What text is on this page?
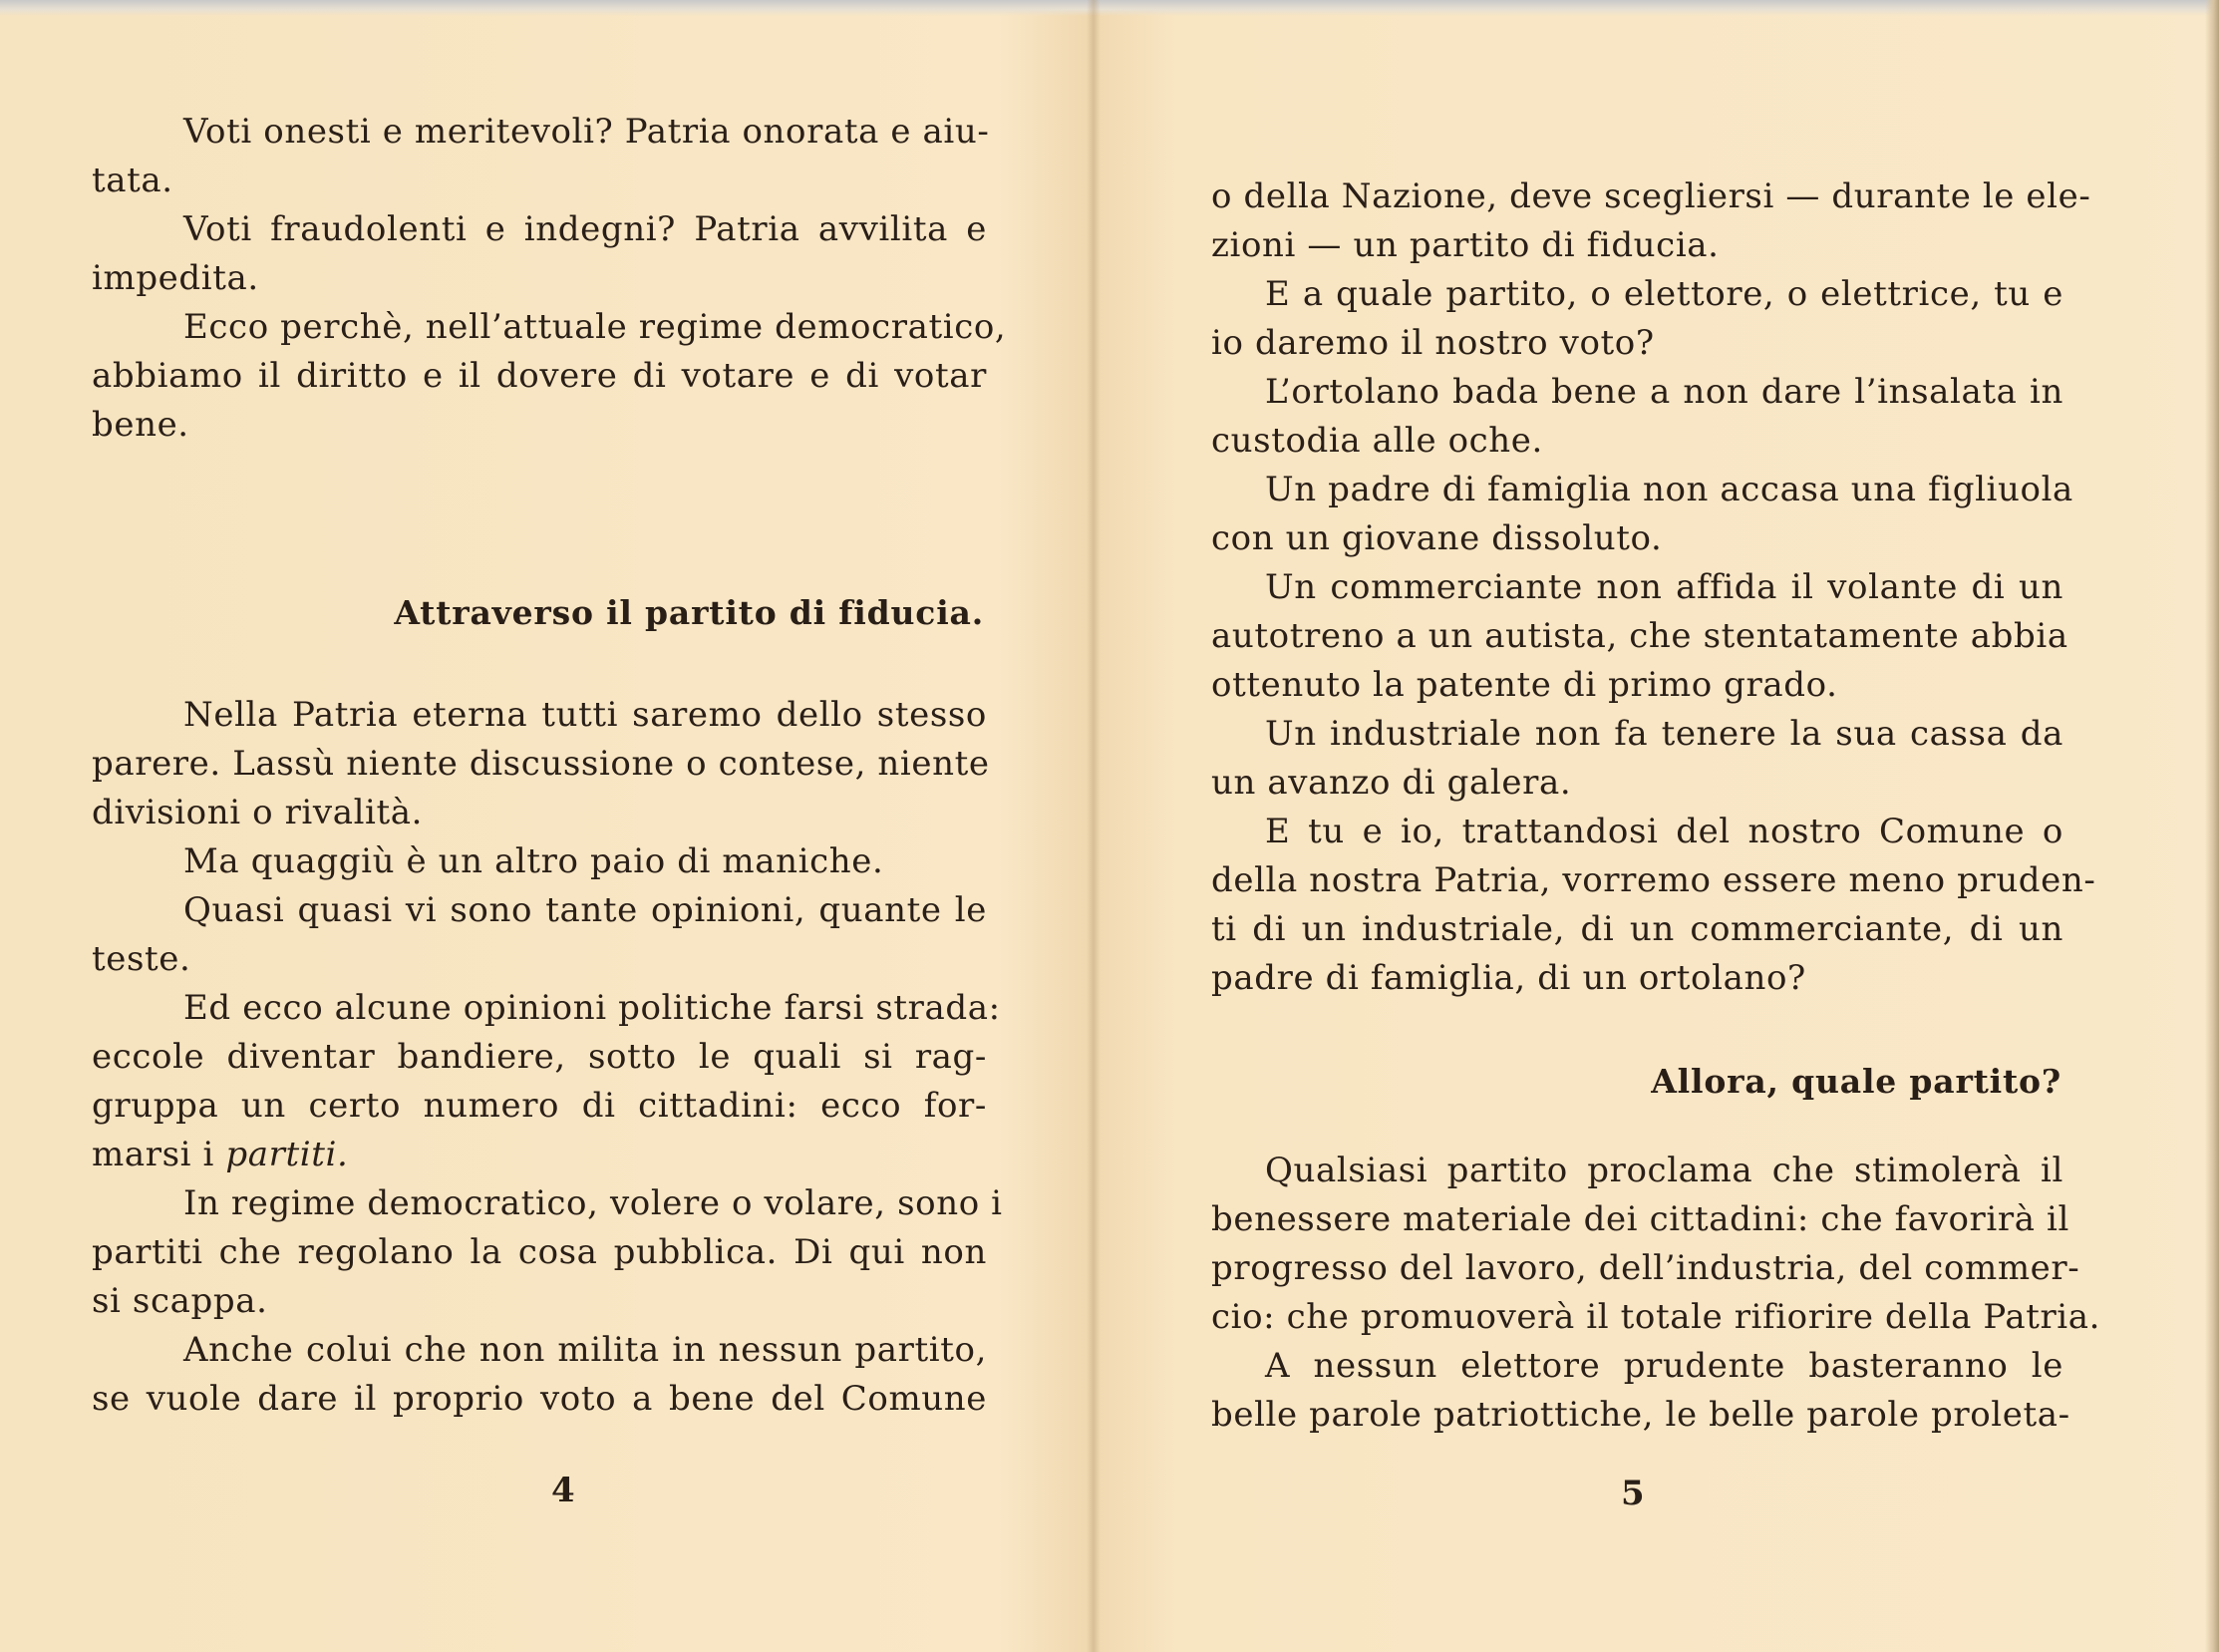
Voti onesti e meritevoli? Patria onorata e aiu-
tata.
Voti fraudolenti e indegni? Patria avvilita e
impedita.
Ecco perchè, nell’attuale regime democratico,
abbiamo il diritto e il dovere di votare e di votar
bene.
Attraverso il partito di fiducia.
Nella Patria eterna tutti saremo dello stesso
parere. Lassù niente discussione o contese, niente
divisioni o rivalità.
Ma quaggiù è un altro paio di maniche.
Quasi quasi vi sono tante opinioni, quante le
teste.
Ed ecco alcune opinioni politiche farsi strada:
eccole diventar bandiere, sotto le quali si rag-
gruppa un certo numero di cittadini: ecco for-
marsi i partiti.
In regime democratico, volere o volare, sono i
partiti che regolano la cosa pubblica. Di qui non
si scappa.
Anche colui che non milita in nessun partito,
se vuole dare il proprio voto a bene del Comune
4
o della Nazione, deve scegliersi — durante le ele-
zioni — un partito di fiducia.
E a quale partito, o elettore, o elettrice, tu e
io daremo il nostro voto?
L’ortolano bada bene a non dare l’insalata in
custodia alle oche.
Un padre di famiglia non accasa una figliuola
con un giovane dissoluto.
Un commerciante non affida il volante di un
autotreno a un autista, che stentatamente abbia
ottenuto la patente di primo grado.
Un industriale non fa tenere la sua cassa da
un avanzo di galera.
E tu e io, trattandosi del nostro Comune o
della nostra Patria, vorremo essere meno pruden-
ti di un industriale, di un commerciante, di un
padre di famiglia, di un ortolano?
Allora, quale partito?
Qualsiasi partito proclama che stimolerà il
benessere materiale dei cittadini: che favorirà il
progresso del lavoro, dell’industria, del commer-
cio: che promuoverà il totale rifiorire della Patria.
A nessun elettore prudente basteranno le
belle parole patriottiche, le belle parole proleta-
5
